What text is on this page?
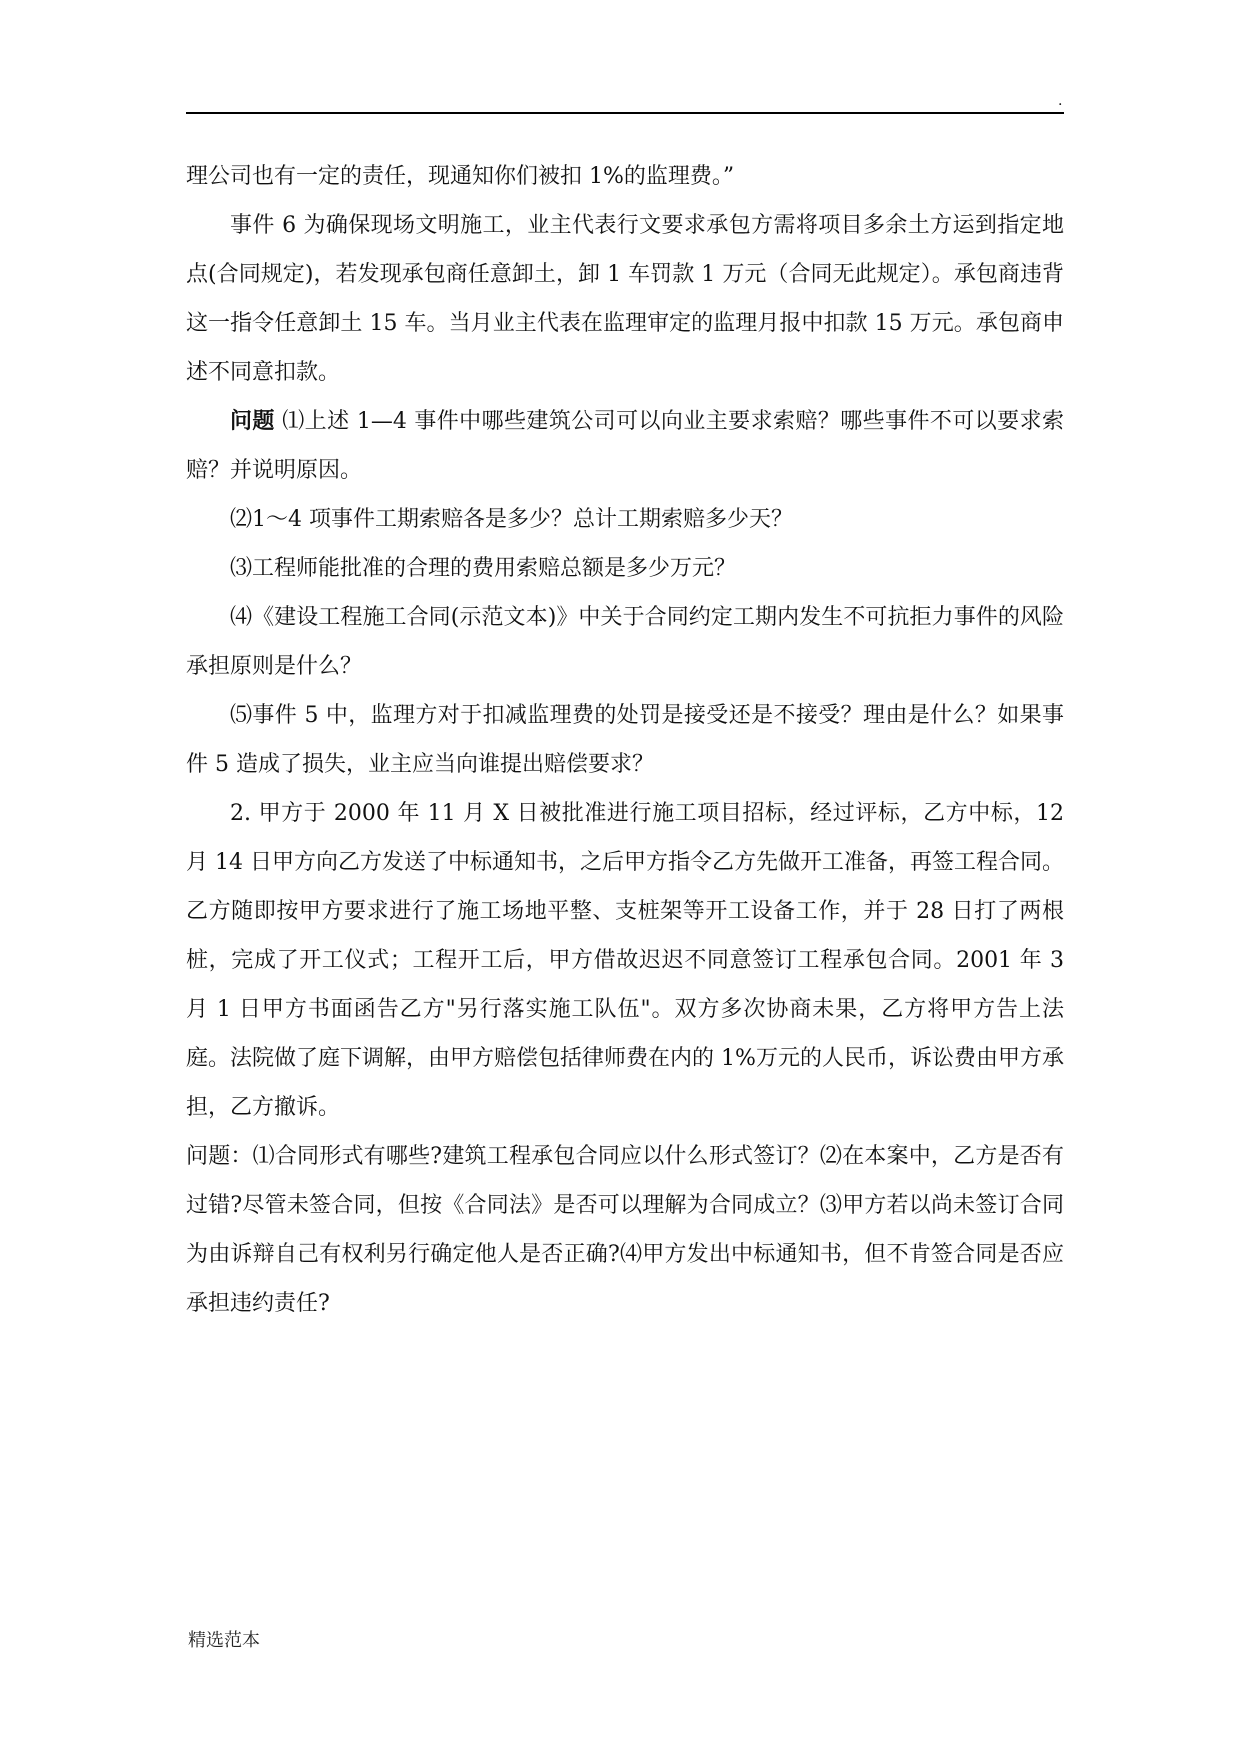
.

理公司也有一定的责任，现通知你们被扣 1%的监理费。”

事件 6 为确保现场文明施工，业主代表行文要求承包方需将项目多余土方运到指定地点(合同规定)，若发现承包商任意卸土，卸 1 车罚款 1 万元（合同无此规定）。承包商违背这一指令任意卸土 15 车。当月业主代表在监理审定的监理月报中扣款 15 万元。承包商申述不同意扣款。

问题 ⑴上述 1—4 事件中哪些建筑公司可以向业主要求索赔？哪些事件不可以要求索赔？并说明原因。

⑵1～4 项事件工期索赔各是多少？总计工期索赔多少天？

⑶工程师能批准的合理的费用索赔总额是多少万元？

⑷《建设工程施工合同(示范文本)》中关于合同约定工期内发生不可抗拒力事件的风险承担原则是什么？

⑸事件 5 中，监理方对于扣减监理费的处罚是接受还是不接受？理由是什么？如果事件 5 造成了损失，业主应当向谁提出赔偿要求？

2. 甲方于 2000 年 11 月 X 日被批准进行施工项目招标，经过评标，乙方中标，12 月 14 日甲方向乙方发送了中标通知书，之后甲方指令乙方先做开工准备，再签工程合同。乙方随即按甲方要求进行了施工场地平整、支桩架等开工设备工作，并于 28 日打了两根桩，完成了开工仪式；工程开工后，甲方借故迟迟不同意签订工程承包合同。2001 年 3 月 1 日甲方书面函告乙方"另行落实施工队伍"。双方多次协商未果，乙方将甲方告上法庭。法院做了庭下调解，由甲方赔偿包括律师费在内的 1%万元的人民币，诉讼费由甲方承担，乙方撤诉。

问题：⑴合同形式有哪些?建筑工程承包合同应以什么形式签订？⑵在本案中，乙方是否有过错?尽管未签合同，但按《合同法》是否可以理解为合同成立？⑶甲方若以尚未签订合同为由诉辩自己有权利另行确定他人是否正确?⑷甲方发出中标通知书，但不肯签合同是否应承担违约责任?

精选范本
